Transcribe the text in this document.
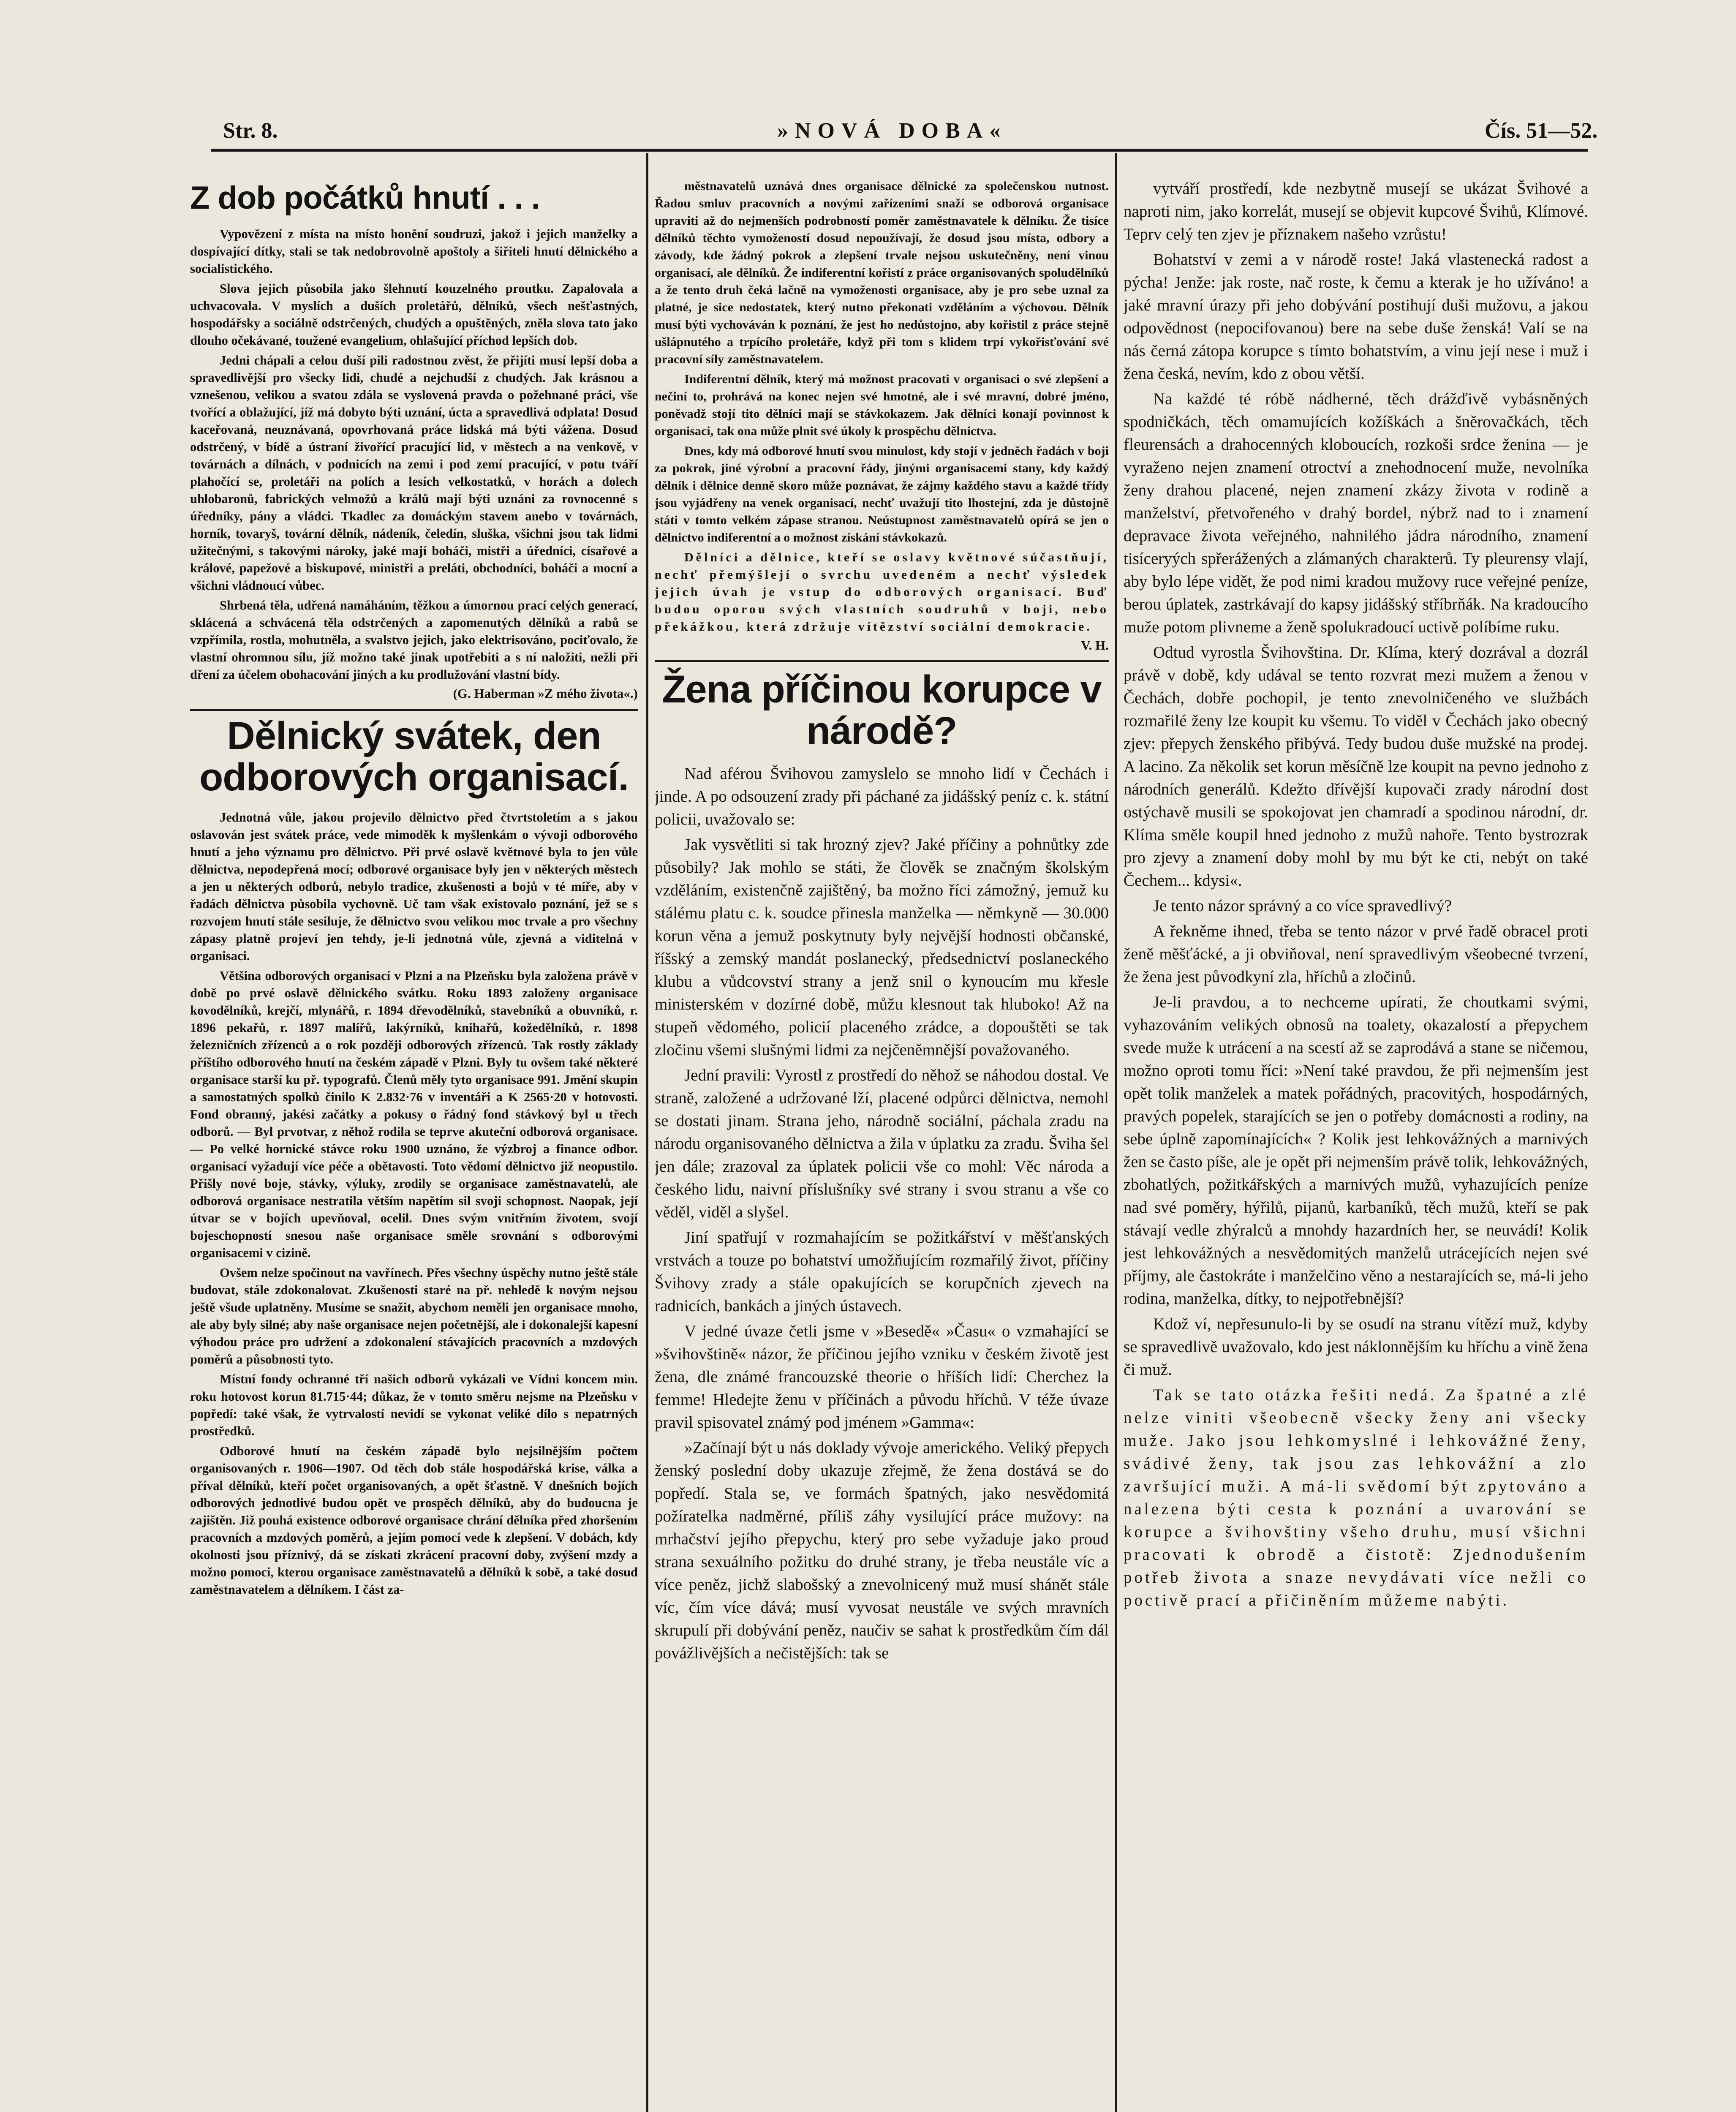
Str. 8.	»NOVÁ DOBA«	Čís. 51—52.
Z dob počátků hnutí . . .

Vypovězení z místa na místo honění soudruzi, jakož i jejich manželky a dospívající dítky, stali se tak nedobrovolně apoštoly a šiřiteli hnutí dělnického a socialistického.

Slova jejich působila jako šlehnutí kouzelného proutku. Zapalovala a uchvacovala. V myslích a duších proletářů, dělníků, všech nešťastných, hospodářsky a sociálně odstrčených, chudých a opuštěných, zněla slova tato jako dlouho očekávané, toužené evangelium, ohlašující příchod lepších dob.

Jedni chápali a celou duší pili radostnou zvěst, že přijíti musí lepší doba a spravedlivější pro všecky lidi, chudé a nejchudší z chudých. Jak krásnou a vznešenou, velikou a svatou zdála se vyslovená pravda o požehnané práci, vše tvořící a oblažující, jíž má dobyto býti uznání, úcta a spravedlivá odplata! Dosud kaceřovaná, neuznávaná, opovrhovaná práce lidská má býti vážena. Dosud odstrčený, v bídě a ústraní živořící pracující lid, v městech a na venkově, v továrnách a dílnách, v podnicích na zemi i pod zemí pracující, v potu tváří plahočící se, proletáři na polích a lesích velkostatků, v horách a dolech uhlobaronů, fabrických velmožů a králů mají býti uznáni za rovnocenné s úředníky, pány a vládci. Tkadlec za domáckým stavem anebo v továrnách, horník, tovaryš, tovární dělník, nádeník, čeledín, sluška, všichni jsou tak lidmi užitečnými, s takovými nároky, jaké mají boháči, mistři a úředníci, císařové a králové, papežové a biskupové, ministři a preláti, obchodníci, boháči a mocní a všichni vládnoucí vůbec.

Shrbená těla, udřená namáháním, těžkou a úmornou prací celých generací, sklácená a schvácená těla odstrčených a zapomenutých dělníků a rabů se vzpřímila, rostla, mohutněla, a svalstvo jejich, jako elektrisováno, pociťovalo, že vlastní ohromnou sílu, jíž možno také jinak upotřebiti a s ní naložiti, nežli při dření za účelem obohacování jiných a ku prodlužování vlastní bídy.

(G. Haberman »Z mého života«.)
Dělnický svátek, den odborových organisací.

Jednotná vůle, jakou projevilo dělnictvo před čtvrtstoletím a s jakou oslavován jest svátek práce, vede mimoděk k myšlenkám o vývoji odborového hnutí a jeho významu pro dělnictvo. Při prvé oslavě květnové byla to jen vůle dělnictva, nepodepřená mocí; odborové organisace byly jen v některých městech a jen u některých odborů, nebylo tradice, zkušenosti a bojů v té míře, aby v řadách dělnictva působila vychovně. Uč tam však existovalo poznání, jež se s rozvojem hnutí stále sesiluje, že dělnictvo svou velikou moc trvale a pro všechny zápasy platně projeví jen tehdy, je-li jednotná vůle, zjevná a viditelná v organisaci.

Většina odborových organisací v Plzni a na Plzeňsku byla založena právě v době po prvé oslavě dělnického svátku. Roku 1893 založeny organisace kovodělníků, krejčí, mlynářů, r. 1894 dřevodělníků, stavebníků a obuvníků, r. 1896 pekařů, r. 1897 malířů, lakýrníků, knihařů, kožedělníků, r. 1898 železničních zřízenců a o rok později odborových zřízenců. Tak rostly základy příštího odborového hnutí na českém západě v Plzni. Byly tu ovšem také některé organisace starší ku př. typografů. Členů měly tyto organisace 991. Jmění skupin a samostatných spolků činilo K 2.832·76 v inventáři a K 2565·20 v hotovosti. Fond obranný, jakési začátky a pokusy o řádný fond stávkový byl u třech odborů. — Byl prvotvar, z něhož rodila se teprve akuteční odborová organisace. — Po velké hornické stávce roku 1900 uznáno, že výzbroj a finance odbor. organisací vyžadují více péče a obětavosti. Toto vědomí dělnictvo již neopustilo. Přišly nové boje, stávky, výluky, zrodily se organisace zaměstnavatelů, ale odborová organisace nestratila větším napětím sil svoji schopnost. Naopak, její útvar se v bojích upevňoval, ocelil. Dnes svým vnitřním životem, svojí bojeschopností snesou naše organisace směle srovnání s odborovými organisacemi v cizině.

Ovšem nelze spočinout na vavřínech. Přes všechny úspěchy nutno ještě stále budovat, stále zdokonalovat. Zkušenosti staré na př. nehledě k novým nejsou ještě všude uplatněny. Musíme se snažit, abychom neměli jen organisace mnoho, ale aby byly silné; aby naše organisace nejen početnější, ale i dokonalejší kapesní výhodou práce pro udržení a zdokonalení stávajících pracovních a mzdových poměrů a působnosti tyto.

Místní fondy ochranné tří našich odborů vykázali ve Vídni koncem min. roku hotovost korun 81.715·44; důkaz, že v tomto směru nejsme na Plzeňsku v popředí: také však, že vytrvalostí nevidí se vykonat veliké dílo s nepatrných prostředků.

Odborové hnutí na českém západě bylo nejsilnějším počtem organisovaných r. 1906—1907. Od těch dob stále hospodářská krise, válka a příval dělníků, kteří počet organisovaných, a opět šťastně. V dnešních bojích odborových jednotlivé budou opět ve prospěch dělníků, aby do budoucna je zajištěn. Již pouhá existence odborové organisace chrání dělníka před zhoršením pracovních a mzdových poměrů, a jejím pomocí vede k zlepšení. V dobách, kdy okolnosti jsou příznivý, dá se získati zkrácení pracovní doby, zvýšení mzdy a možno pomoci, kterou organisace zaměstnavatelů a dělníků k sobě, a také dosud zaměstnavatelem a dělníkem. I část za-

městnavatelů uznává dnes organisace dělnické za společenskou nutnost. Řadou smluv pracovních a novými zařízeními snaží se odborová organisace upraviti až do nejmenších podrobností poměr zaměstnavatele k dělníku. Že tisíce dělníků těchto vymožeností dosud nepoužívají, že dosud jsou místa, odbory a závody, kde žádný pokrok a zlepšení trvale nejsou uskutečněny, není vinou organisací, ale dělníků. Že indiferentní kořistí z práce organisovaných spoludělníků a že tento druh čeká lačně na vymoženosti organisace, aby je pro sebe uznal za platné, je sice nedostatek, který nutno překonati vzděláním a výchovou. Dělník musí býti vychováván k poznání, že jest ho nedůstojno, aby kořistil z práce stejně ušlápnutého a trpícího proletáře, když při tom s klidem trpí vykořisťování své pracovní síly zaměstnavatelem.

Indiferentní dělník, který má možnost pracovati v organisaci o své zlepšení a nečiní to, prohrává na konec nejen své hmotné, ale i své mravní, dobré jméno, poněvadž stojí tito dělníci mají se stávkokazem. Jak dělníci konají povinnost k organisaci, tak ona může plnit své úkoly k prospěchu dělnictva.

Dnes, kdy má odborové hnutí svou minulost, kdy stojí v jedněch řadách v boji za pokrok, jiné výrobní a pracovní řády, jinými organisacemi stany, kdy každý dělník i dělnice denně skoro může poznávat, že zájmy každého stavu a každé třídy jsou vyjádřeny na venek organisací, nechť uvažují tito lhostejní, zda je důstojně státi v tomto velkém zápase stranou. Neústupnost zaměstnavatelů opírá se jen o dělnictvo indiferentní a o možnost získání stávkokazů.

Dělníci a dělnice, kteří se oslavy květnové súčastňují, nechť přemýšlejí o svrchu uvedeném a nechť výsledek jejich úvah je vstup do odborových organisací. Buď budou oporou svých vlastních soudruhů v boji, nebo překážkou, která zdržuje vítězství sociální demokracie.

V. H.
Žena příčinou korupce v národě?

Nad aférou Švihovou zamyslelo se mnoho lidí v Čechách i jinde. A po odsouzení zrady při páchané za jidášský peníz c. k. státní policii, uvažovalo se:

Jak vysvětliti si tak hrozný zjev? Jaké příčiny a pohnůtky zde působily? Jak mohlo se státi, že člověk se značným školským vzděláním, existenčně zajištěný, ba možno říci zámožný, jemuž ku stálému platu c. k. soudce přinesla manželka — němkyně — 30.000 korun věna a jemuž poskytnuty byly nejvější hodnosti občanské, říšský a zemský mandát poslanecký, předsednictví poslaneckého klubu a vůdcovství strany a jenž snil o kynoucím mu křesle ministerském v dozírné době, můžu klesnout tak hluboko! Až na stupeň vědomého, policií placeného zrádce, a dopouštěti se tak zločinu všemi slušnými lidmi za nejčeněmnější považovaného.

Jední pravili: Vyrostl z prostředí do něhož se náhodou dostal. Ve straně, založené a udržované lží, placené odpůrci dělnictva, nemohl se dostati jinam. Strana jeho, národně sociální, páchala zradu na národu organisovaného dělnictva a žila v úplatku za zradu. Šviha šel jen dále; zrazoval za úplatek policii vše co mohl: Věc národa a českého lidu, naivní příslušníky své strany i svou stranu a vše co věděl, viděl a slyšel.

Jiní spatřují v rozmahajícím se požitkářství v měšťanských vrstvách a touze po bohatství umožňujícím rozmařilý život, příčiny Švihovy zrady a stále opakujících se korupčních zjevech na radnicích, bankách a jiných ústavech.

V jedné úvaze četli jsme v »Besedě« »Času« o vzmahající se »švihovštině« názor, že příčinou jejího vzniku v českém životě jest žena, dle známé francouzské theorie o hříších lidí: Cherchez la femme! Hledejte ženu v příčinách a původu hříchů. V téže úvaze pravil spisovatel známý pod jménem »Gamma«:

»Začínají být u nás doklady vývoje amerického. Veliký přepych ženský poslední doby ukazuje zřejmě, že žena dostává se do popředí. Stala se, ve formách špatných, jako nesvědomitá požíratelka nadměrné, příliš záhy vysilující práce mužovy: na mrhačství jejího přepychu, který pro sebe vyžaduje jako proud strana sexuálního požitku do druhé strany, je třeba neustále víc a více peněz, jichž slabošský a znevolnicený muž musí shánět stále víc, čím více dává; musí vyvosat neustále ve svých mravních skrupulí při dobývání peněz, naučiv se sahat k prostředkům čím dál povážlivějších a nečistějších: tak se

vytváří prostředí, kde nezbytně musejí se ukázat Švihové a naproti nim, jako korrelát, musejí se objevit kupcové Švihů, Klímové. Teprv celý ten zjev je příznakem našeho vzrůstu!

Bohatství v zemi a v národě roste! Jaká vlastenecká radost a pýcha! Jenže: jak roste, nač roste, k čemu a kterak je ho užíváno! a jaké mravní úrazy při jeho dobývání postihují duši mužovu, a jakou odpovědnost (nepocifovanou) bere na sebe duše ženská! Valí se na nás černá zátopa korupce s tímto bohatstvím, a vinu její nese i muž i žena česká, nevím, kdo z obou větší.

Na každé té róbě nádherné, těch drážďivě vybásněných spodničkách, těch omamujících kožíškách a šněrovačkách, těch fleurensách a drahocenných kloboucích, rozkoši srdce ženina — je vyraženo nejen znamení otroctví a znehodnocení muže, nevolníka ženy drahou placené, nejen znamení zkázy života v rodině a manželství, přetvořeného v drahý bordel, nýbrž nad to i znamení depravace života veřejného, nahnilého jádra národního, znamení tisíceryých spřerážených a zlámaných charakterů. Ty pleurensy vlají, aby bylo lépe vidět, že pod nimi kradou mužovy ruce veřejné peníze, berou úplatek, zastrkávají do kapsy jidášský stříbrňák. Na kradoucího muže potom plivneme a ženě spolukradoucí uctivě políbíme ruku.

Odtud vyrostla Švihovština. Dr. Klíma, který dozrával a dozrál právě v době, kdy udával se tento rozvrat mezi mužem a ženou v Čechách, dobře pochopil, je tento znevolničeného ve službách rozmařilé ženy lze koupit ku všemu. To viděl v Čechách jako obecný zjev: přepych ženského přibývá. Tedy budou duše mužské na prodej. A lacino. Za několik set korun měsíčně lze koupit na pevno jednoho z národních generálů. Kdežto dřívější kupovači zrady národní dost ostýchavě musili se spokojovat jen chamradí a spodinou národní, dr. Klíma směle koupil hned jednoho z mužů nahoře. Tento bystrozrak pro zjevy a znamení doby mohl by mu být ke cti, nebýt on také Čechem... kdysi«.

Je tento názor správný a co více spravedlivý?

A řekněme ihned, třeba se tento názor v prvé řadě obracel proti ženě měšťácké, a ji obviňoval, není spravedlivým všeobecné tvrzení, že žena jest původkyní zla, hříchů a zločinů.

Je-li pravdou, a to nechceme upírati, že choutkami svými, vyhazováním velikých obnosů na toalety, okazalostí a přepychem svede muže k utrácení a na scestí až se zaprodává a stane se ničemou, možno oproti tomu říci: »Není také pravdou, že při nejmenším jest opět tolik manželek a matek pořádných, pracovitých, hospodárných, pravých popelek, starajících se jen o potřeby domácnosti a rodiny, na sebe úplně zapomínajících« ? Kolik jest lehkovážných a marnivých žen se často píše, ale je opět při nejmenším právě tolik, lehkovážných, zbohatlých, požitkářských a marnivých mužů, vyhazujících peníze nad své poměry, hýřilů, pijanů, karbaníků, těch mužů, kteří se pak stávají vedle zhýralců a mnohdy hazardních her, se neuvádí! Kolik jest lehkovážných a nesvědomitých manželů utrácejících nejen své příjmy, ale častokráte i manželčino věno a nestarajících se, má-li jeho rodina, manželka, dítky, to nejpotřebnější?

Kdož ví, nepřesunulo-li by se osudí na stranu vítězí muž, kdyby se spravedlivě uvažovalo, kdo jest náklonnějším ku hříchu a vině žena či muž.

Tak se tato otázka řešiti nedá. Za špatné a zlé nelze viniti všeobecně všecky ženy ani všecky muže. Jako jsou lehkomyslné i lehkovážné ženy, svádivé ženy, tak jsou zas lehkovážní a zlo završující muži. A má-li svědomí být zpytováno a nalezena býti cesta k poznání a uvarování se korupce a švihovštiny všeho druhu, musí všichni pracovati k obrodě a čistotě: Zjednodušením potřeb života a snaze nevydávati více nežli co poctivě prací a přičiněním můžeme nabýti.
